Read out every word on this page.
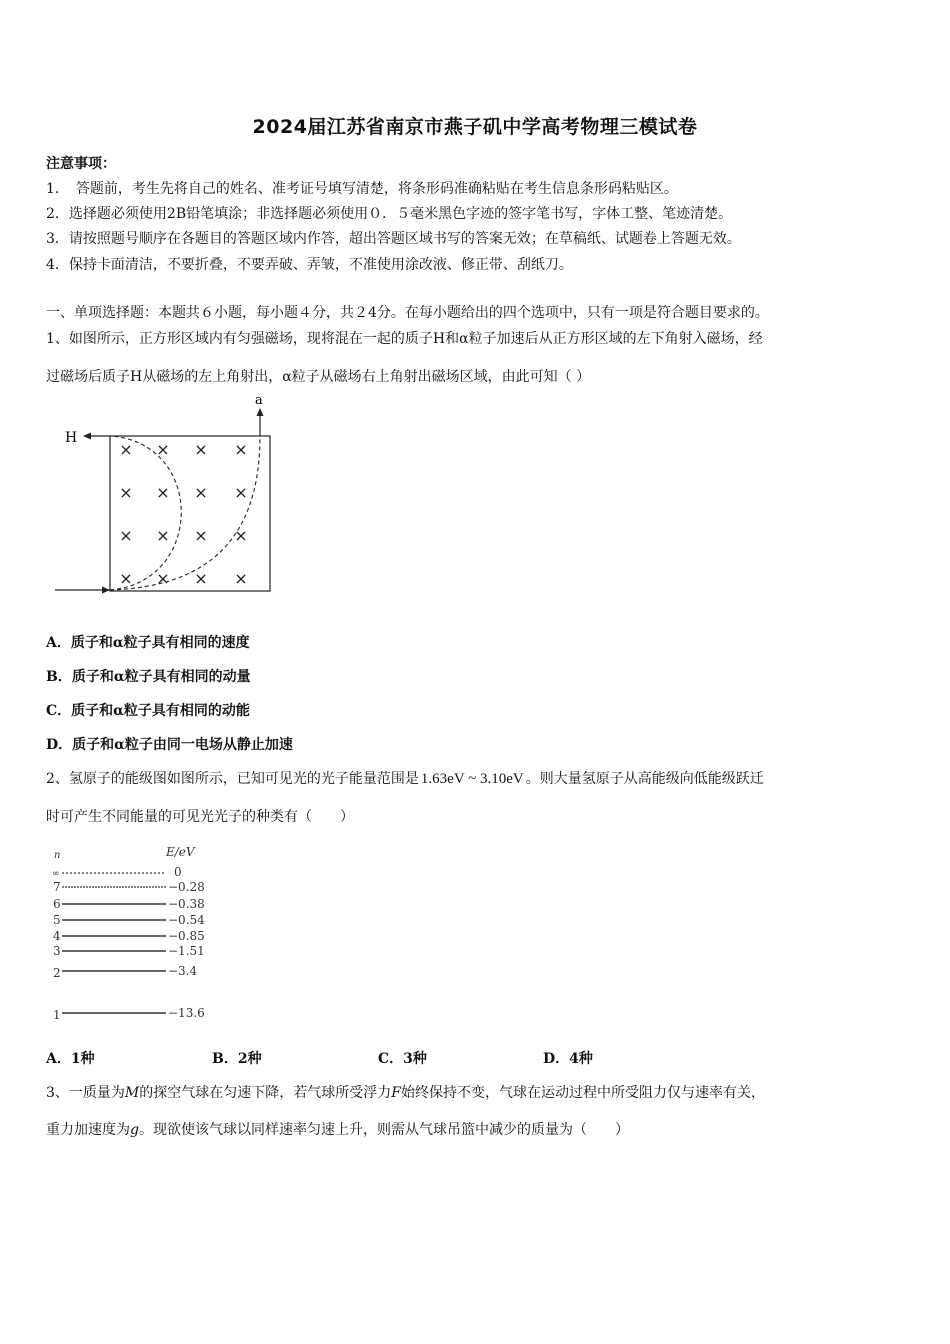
2024届江苏省南京市燕子矶中学高考物理三模试卷
注意事项：
1．　答题前，考生先将自己的姓名、准考证号填写清楚，将条形码准确粘贴在考生信息条形码粘贴区。
2．选择题必须使用2B铅笔填涂；非选择题必须使用０．５毫米黑色字迹的签字笔书写，字体工整、笔迹清楚。
3．请按照题号顺序在各题目的答题区域内作答，超出答题区域书写的答案无效；在草稿纸、试题卷上答题无效。
4．保持卡面清洁，不要折叠，不要弄破、弄皱，不准使用涂改液、修正带、刮纸刀。
一、单项选择题：本题共６小题，每小题４分，共２4分。在每小题给出的四个选项中，只有一项是符合题目要求的。
1、如图所示，正方形区域内有匀强磁场，现将混在一起的质子H和α粒子加速后从正方形区域的左下角射入磁场，经
过磁场后质子H从磁场的左上角射出，α粒子从磁场右上角射出磁场区域，由此可知（ ）
H
a
× × × ×
× × × ×
× × × ×
× × × ×
A．质子和α粒子具有相同的速度
B．质子和α粒子具有相同的动量
C．质子和α粒子具有相同的动能
D．质子和α粒子由同一电场从静止加速
2、氢原子的能级图如图所示，已知可见光的光子能量范围是 1.63eV ~ 3.10eV 。则大量氢原子从高能级向低能级跃迁
时可产生不同能量的可见光光子的种类有（　　）
n	E/eV
∞	0
7	−0.28
6	−0.38
5	−0.54
4	−0.85
3	−1.51
2	−3.4
1	−13.6
A．1种	B．2种	C．3种	D．4种
3、一质量为M的探空气球在匀速下降，若气球所受浮力F始终保持不变，气球在运动过程中所受阻力仅与速率有关，
重力加速度为g。现欲使该气球以同样速率匀速上升，则需从气球吊篮中减少的质量为（　　）
